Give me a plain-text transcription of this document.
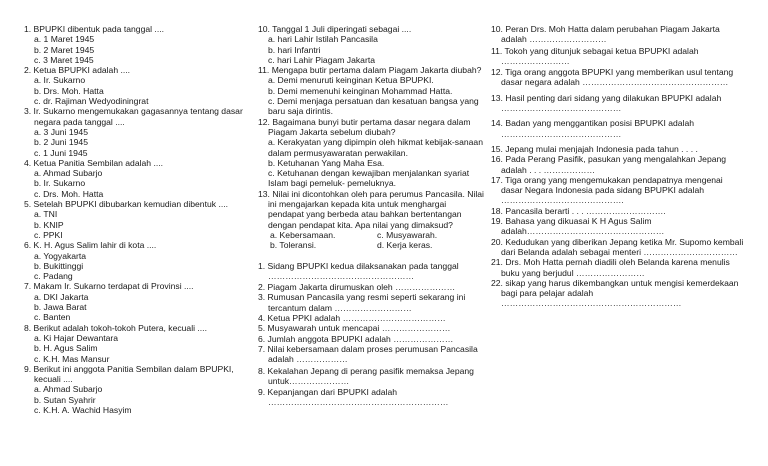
1. BPUPKI dibentuk pada tanggal ....
a. 1 Maret 1945
b. 2 Maret 1945
c. 3 Maret 1945
2. Ketua BPUPKI adalah ....
a. Ir. Sukarno
b. Drs. Moh. Hatta
c. dr. Rajiman Wedyodiningrat
3. Ir. Sukarno mengemukakan gagasannya tentang dasar negara pada tanggal ....
a. 3 Juni 1945
b. 2 Juni 1945
c. 1 Juni 1945
4. Ketua Panitia Sembilan adalah ....
a. Ahmad Subarjo
b. Ir. Sukarno
c. Drs. Moh. Hatta
5. Setelah BPUPKI dibubarkan kemudian dibentuk ....
a. TNI
b. KNIP
c. PPKI
6. K. H. Agus Salim lahir di kota ....
a. Yogyakarta
b. Bukittinggi
c. Padang
7. Makam Ir. Sukarno terdapat di Provinsi ....
a. DKI Jakarta
b. Jawa Barat
c. Banten
8. Berikut adalah tokoh-tokoh Putera, kecuali ....
a. Ki Hajar Dewantara
b. H. Agus Salim
c. K.H. Mas Mansur
9. Berikut ini anggota Panitia Sembilan dalam BPUPKI, kecuali ....
a. Ahmad Subarjo
b. Sutan Syahrir
c. K.H. A. Wachid Hasyim
10. Tanggal 1 Juli diperingati sebagai ....
a. hari Lahir Istilah Pancasila
b. hari Infantri
c. hari Lahir Piagam Jakarta
11. Mengapa butir pertama dalam Piagam Jakarta diubah?
a. Demi menuruti keinginan Ketua BPUPKI.
b. Demi memenuhi keinginan Mohammad Hatta.
c. Demi menjaga persatuan dan kesatuan bangsa yang baru saja dirintis.
12. Bagaimana bunyi butir pertama dasar negara dalam Piagam Jakarta sebelum diubah?
a. Kerakyatan yang dipimpin oleh hikmat kebijak-sanaan dalam permusyawaratan perwakilan.
b. Ketuhanan Yang Maha Esa.
c. Ketuhanan dengan kewajiban menjalankan syariat Islam bagi pemeluk- pemeluknya.
13. Nilai ini dicontohkan oleh para perumus Pancasila. Nilai ini mengajarkan kepada kita untuk menghargai pendapat yang berbeda atau bahkan bertentangan dengan pendapat kita. Apa nilai yang dimaksud?
a. Kebersamaan.	c. Musyawarah.
b. Toleransi.	d. Kerja keras.
1. Sidang BPUPKI kedua dilaksanakan pada tanggal ……………………………………………
2. Piagam Jakarta dirumuskan oleh …………………
3. Rumusan Pancasila yang resmi seperti sekarang ini tercantum dalam ………………………
4. Ketua PPKI adalah ………………………………
5. Musyawarah untuk mencapai ……………………
6. Jumlah anggota BPUPKI adalah …………………
7. Nilai kebersamaan dalam proses perumusan Pancasila adalah ………………
8. Kekalahan Jepang di perang pasifik memaksa Jepang untuk…………………
9. Kepanjangan dari BPUPKI adalah ………………………………………………………
10. Peran Drs. Moh Hatta dalam perubahan Piagam Jakarta adalah ………………………
11. Tokoh yang ditunjuk sebagai ketua BPUPKI adalah ……………………
12. Tiga orang anggota BPUPKI yang memberikan usul tentang dasar negara adalah ……………………………………………
13. Hasil penting dari sidang yang dilakukan BPUPKI adalah ……………………………………
14. Badan yang menggantikan posisi BPUPKI adalah ……………………………………
15. Jepang mulai menjajah Indonesia pada tahun . . . .
16. Pada Perang Pasifik, pasukan yang mengalahkan Jepang adalah . . . ………………
17. Tiga orang yang mengemukakan pendapatnya mengenai dasar Negara Indonesia pada sidang BPUPKI adalah …………………………………….
18. Pancasila berarti . . . ……………………….
19. Bahasa yang dikuasai K H Agus Salim adalah…………………………………………
20. Kedudukan yang diberikan Jepang ketika Mr. Supomo kembali dari Belanda adalah sebagai menteri ……………………………
21. Drs. Moh Hatta pernah diadili oleh Belanda karena menulis buku yang berjudul ……………………
22. sikap yang harus dikembangkan untuk mengisi kemerdekaan bagi para pelajar adalah ………………………………………………………
